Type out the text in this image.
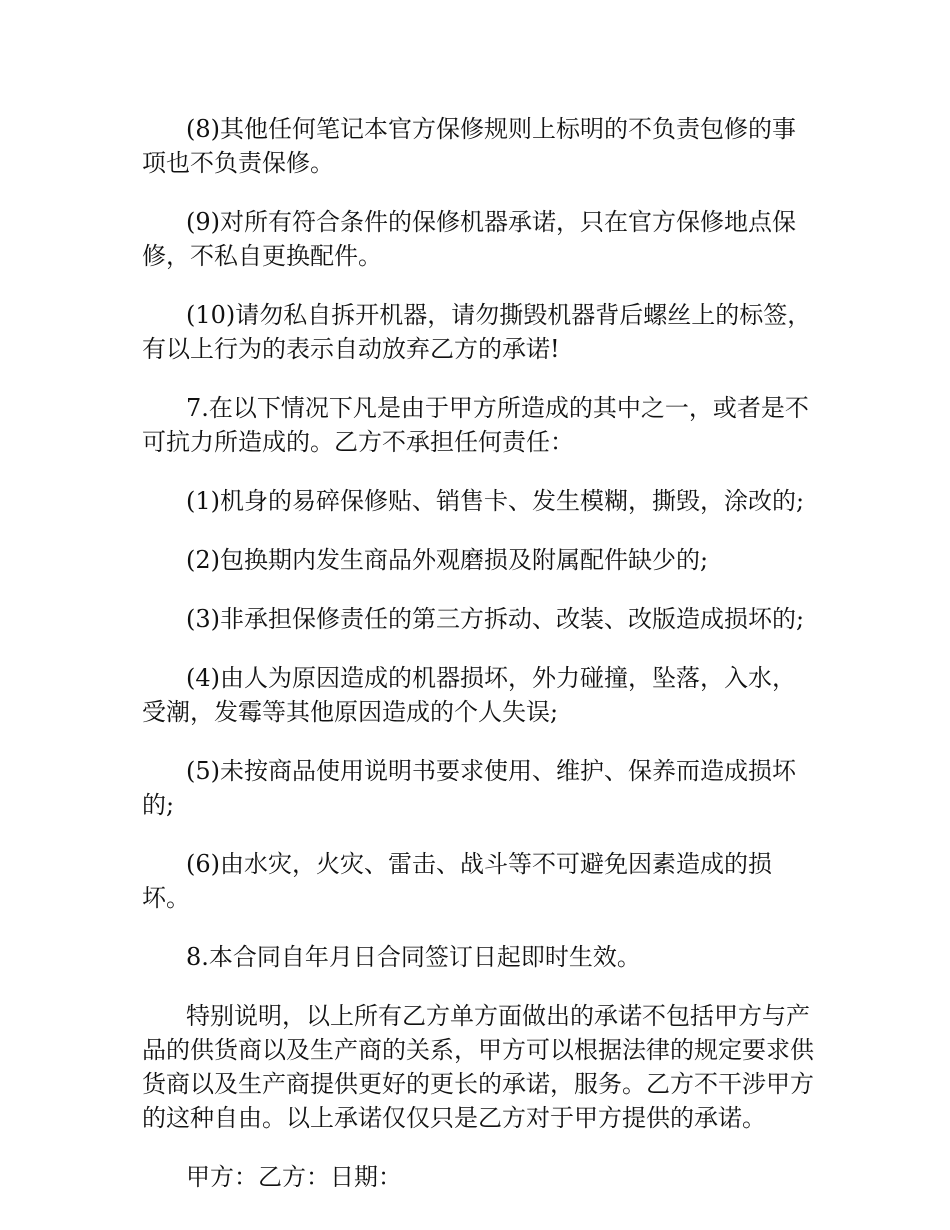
(8)其他任何笔记本官方保修规则上标明的不负责包修的事项也不负责保修。

(9)对所有符合条件的保修机器承诺，只在官方保修地点保修，不私自更换配件。

(10)请勿私自拆开机器，请勿撕毁机器背后螺丝上的标签，有以上行为的表示自动放弃乙方的承诺!

7.在以下情况下凡是由于甲方所造成的其中之一，或者是不可抗力所造成的。乙方不承担任何责任：

(1)机身的易碎保修贴、销售卡、发生模糊，撕毁，涂改的;

(2)包换期内发生商品外观磨损及附属配件缺少的;

(3)非承担保修责任的第三方拆动、改装、改版造成损坏的;

(4)由人为原因造成的机器损坏，外力碰撞，坠落，入水，受潮，发霉等其他原因造成的个人失误;

(5)未按商品使用说明书要求使用、维护、保养而造成损坏的;

(6)由水灾，火灾、雷击、战斗等不可避免因素造成的损坏。

8.本合同自年月日合同签订日起即时生效。

特别说明，以上所有乙方单方面做出的承诺不包括甲方与产品的供货商以及生产商的关系，甲方可以根据法律的规定要求供货商以及生产商提供更好的更长的承诺，服务。乙方不干涉甲方的这种自由。以上承诺仅仅只是乙方对于甲方提供的承诺。

甲方：乙方：日期：
